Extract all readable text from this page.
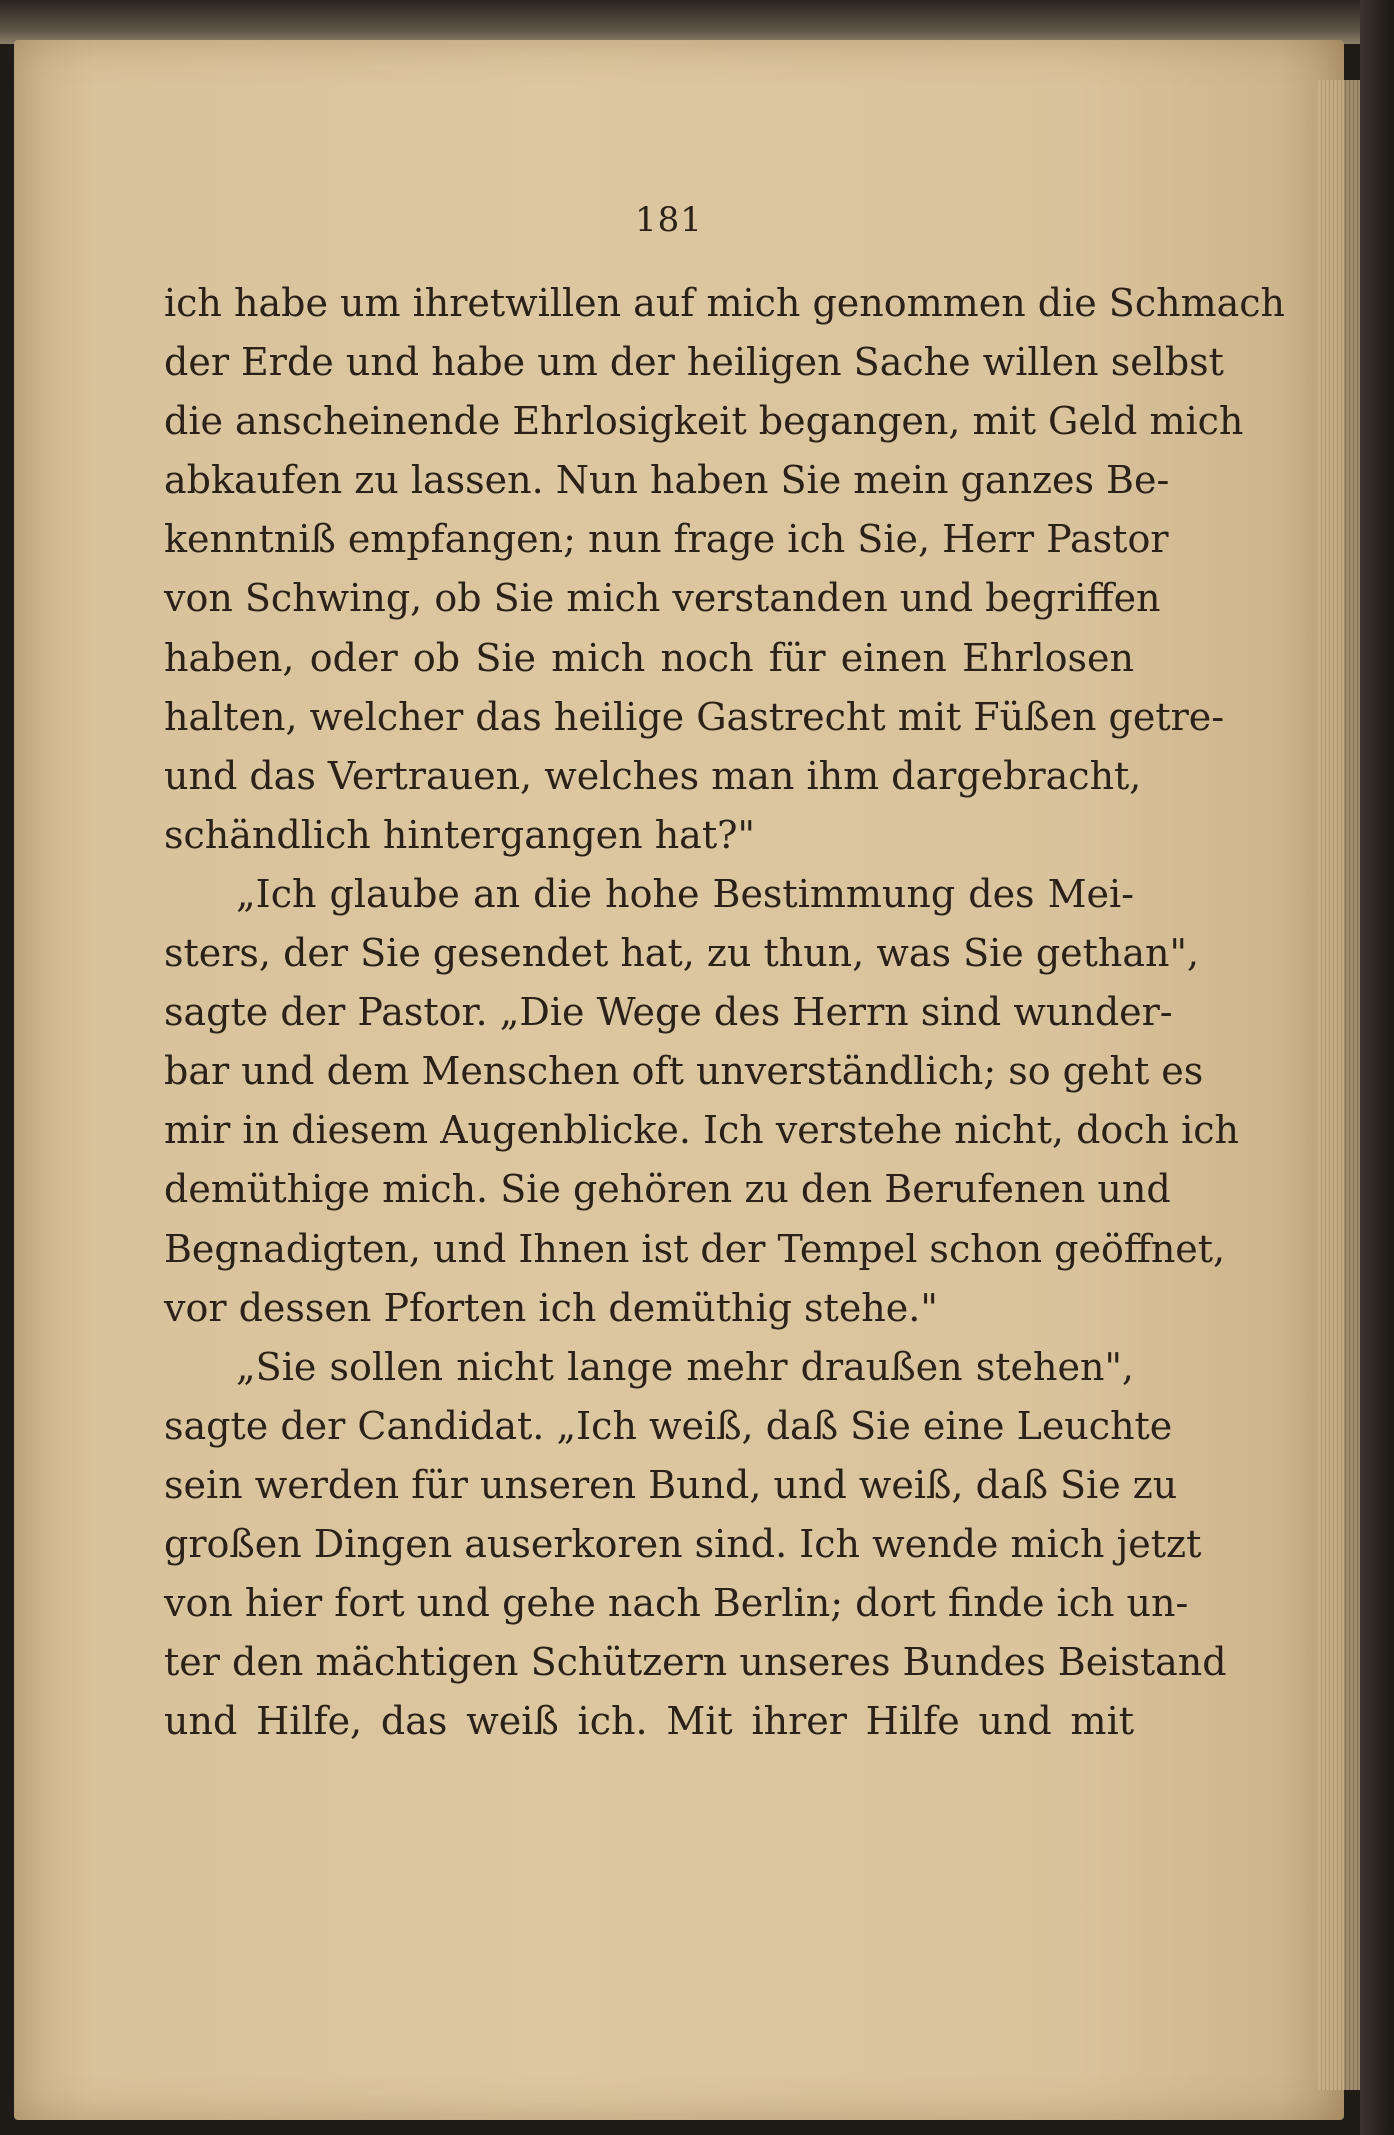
181
ich habe um ihretwillen auf mich genommen die Schmach
der Erde und habe um der heiligen Sache willen selbst
die anscheinende Ehrlosigkeit begangen, mit Geld mich
abkaufen zu lassen. Nun haben Sie mein ganzes Be-
kenntniß empfangen; nun frage ich Sie, Herr Pastor
von Schwing, ob Sie mich verstanden und begriffen
haben, oder ob Sie mich noch für einen Ehrlosen
halten, welcher das heilige Gastrecht mit Füßen getre-
und das Vertrauen, welches man ihm dargebracht,
schändlich hintergangen hat?"
„Ich glaube an die hohe Bestimmung des Mei-
sters, der Sie gesendet hat, zu thun, was Sie gethan",
sagte der Pastor. „Die Wege des Herrn sind wunder-
bar und dem Menschen oft unverständlich; so geht es
mir in diesem Augenblicke. Ich verstehe nicht, doch ich
demüthige mich. Sie gehören zu den Berufenen und
Begnadigten, und Ihnen ist der Tempel schon geöffnet,
vor dessen Pforten ich demüthig stehe."
„Sie sollen nicht lange mehr draußen stehen",
sagte der Candidat. „Ich weiß, daß Sie eine Leuchte
sein werden für unseren Bund, und weiß, daß Sie zu
großen Dingen auserkoren sind. Ich wende mich jetzt
von hier fort und gehe nach Berlin; dort finde ich un-
ter den mächtigen Schützern unseres Bundes Beistand
und Hilfe, das weiß ich. Mit ihrer Hilfe und mit
